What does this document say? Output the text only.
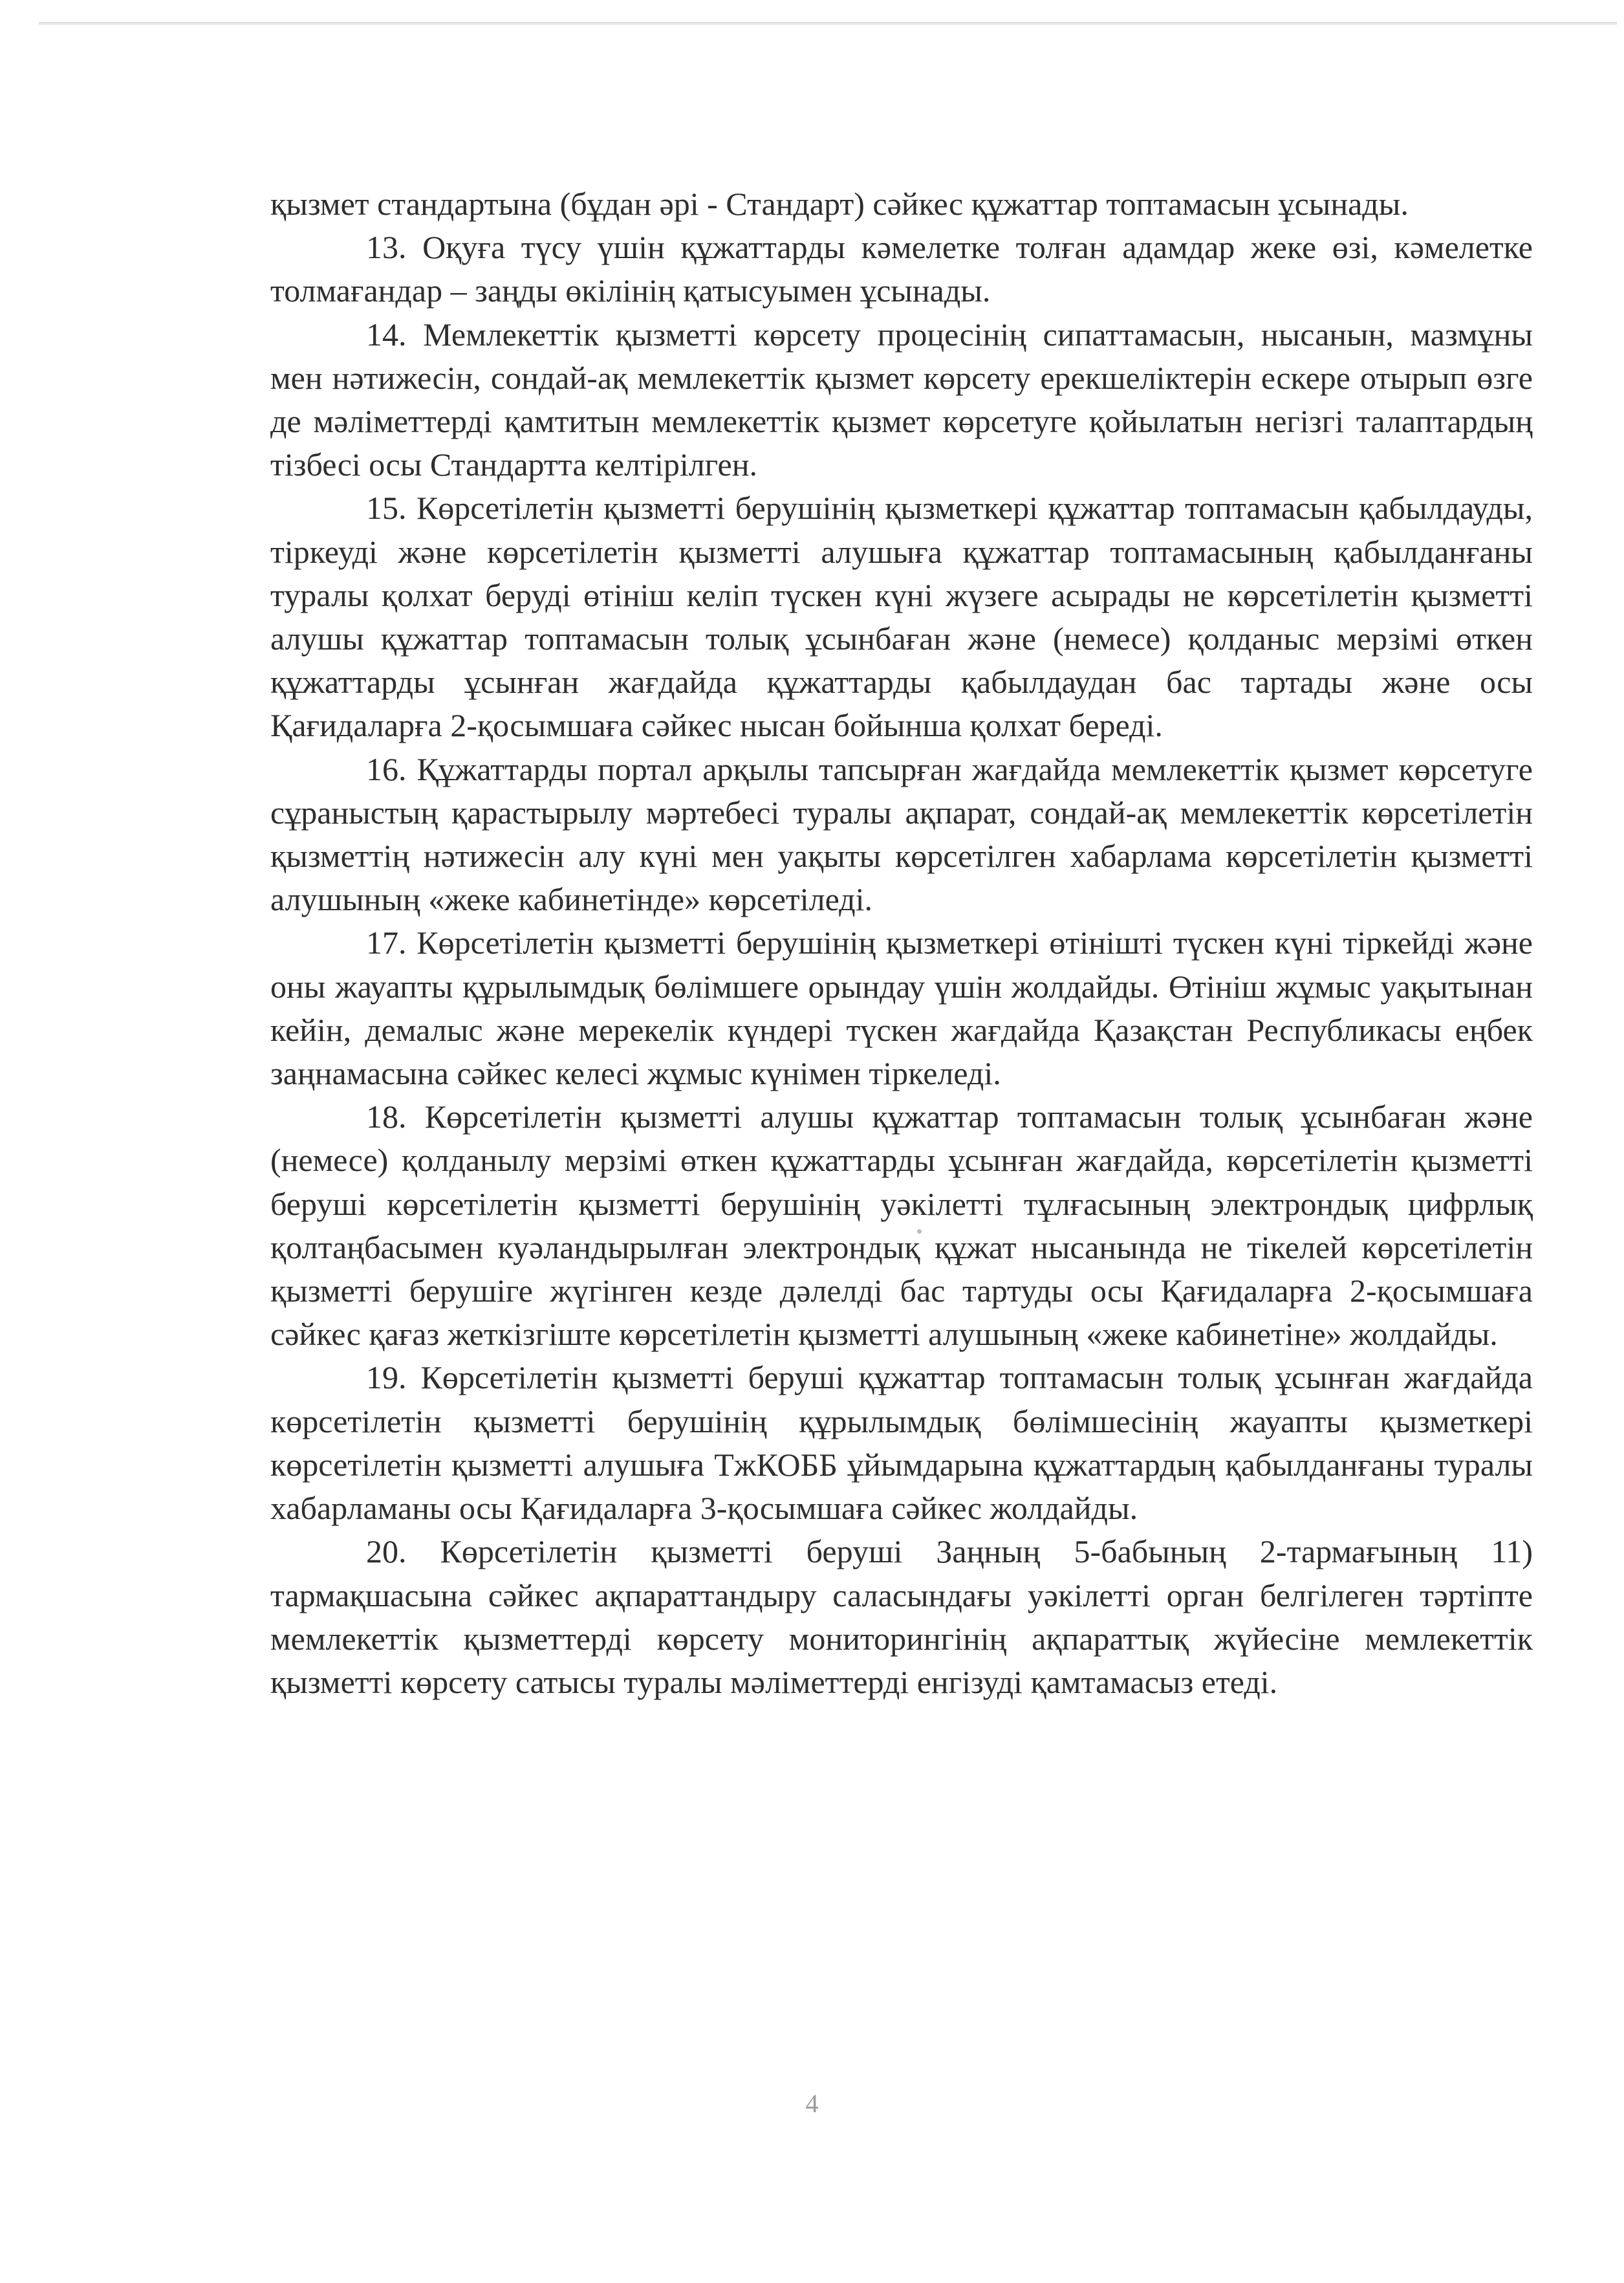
қызмет стандартына (бұдан әрі - Стандарт) сәйкес құжаттар топтамасын ұсынады.

13. Оқуға түсу үшін құжаттарды кәмелетке толған адамдар жеке өзі, кәмелетке толмағандар – заңды өкілінің қатысуымен ұсынады.

14. Мемлекеттік қызметті көрсету процесінің сипаттамасын, нысанын, мазмұны мен нәтижесін, сондай-ақ мемлекеттік қызмет көрсету ерекшеліктерін ескере отырып өзге де мәліметтерді қамтитын мемлекеттік қызмет көрсетуге қойылатын негізгі талаптардың тізбесі осы Стандартта келтірілген.

15. Көрсетілетін қызметті берушінің қызметкері құжаттар топтамасын қабылдауды, тіркеуді және көрсетілетін қызметті алушыға құжаттар топтамасының қабылданғаны туралы қолхат беруді өтініш келіп түскен күні жүзеге асырады не көрсетілетін қызметті алушы құжаттар топтамасын толық ұсынбаған және (немесе) қолданыс мерзімі өткен құжаттарды ұсынған жағдайда құжаттарды қабылдаудан бас тартады және осы Қағидаларға 2-қосымшаға сәйкес нысан бойынша қолхат береді.

16. Құжаттарды портал арқылы тапсырған жағдайда мемлекеттік қызмет көрсетуге сұраныстың қарастырылу мәртебесі туралы ақпарат, сондай-ақ мемлекеттік көрсетілетін қызметтің нәтижесін алу күні мен уақыты көрсетілген хабарлама көрсетілетін қызметті алушының «жеке кабинетінде» көрсетіледі.

17. Көрсетілетін қызметті берушінің қызметкері өтінішті түскен күні тіркейді және оны жауапты құрылымдық бөлімшеге орындау үшін жолдайды. Өтініш жұмыс уақытынан кейін, демалыс және мерекелік күндері түскен жағдайда Қазақстан Республикасы еңбек заңнамасына сәйкес келесі жұмыс күнімен тіркеледі.

18. Көрсетілетін қызметті алушы құжаттар топтамасын толық ұсынбаған және (немесе) қолданылу мерзімі өткен құжаттарды ұсынған жағдайда, көрсетілетін қызметті беруші көрсетілетін қызметті берушінің уәкілетті тұлғасының электрондық цифрлық қолтаңбасымен куәландырылған электрондық құжат нысанында не тікелей көрсетілетін қызметті берушіге жүгінген кезде дәлелді бас тартуды осы Қағидаларға 2-қосымшаға сәйкес қағаз жеткізгіште көрсетілетін қызметті алушының «жеке кабинетіне» жолдайды.

19. Көрсетілетін қызметті беруші құжаттар топтамасын толық ұсынған жағдайда көрсетілетін қызметті берушінің құрылымдық бөлімшесінің жауапты қызметкері көрсетілетін қызметті алушыға ТжКОББ ұйымдарына құжаттардың қабылданғаны туралы хабарламаны осы Қағидаларға 3-қосымшаға сәйкес жолдайды.

20. Көрсетілетін қызметті беруші Заңның 5-бабының 2-тармағының 11) тармақшасына сәйкес ақпараттандыру саласындағы уәкілетті орган белгілеген тәртіпте мемлекеттік қызметтерді көрсету мониторингінің ақпараттық жүйесіне мемлекеттік қызметті көрсету сатысы туралы мәліметтерді енгізуді қамтамасыз етеді.

4
